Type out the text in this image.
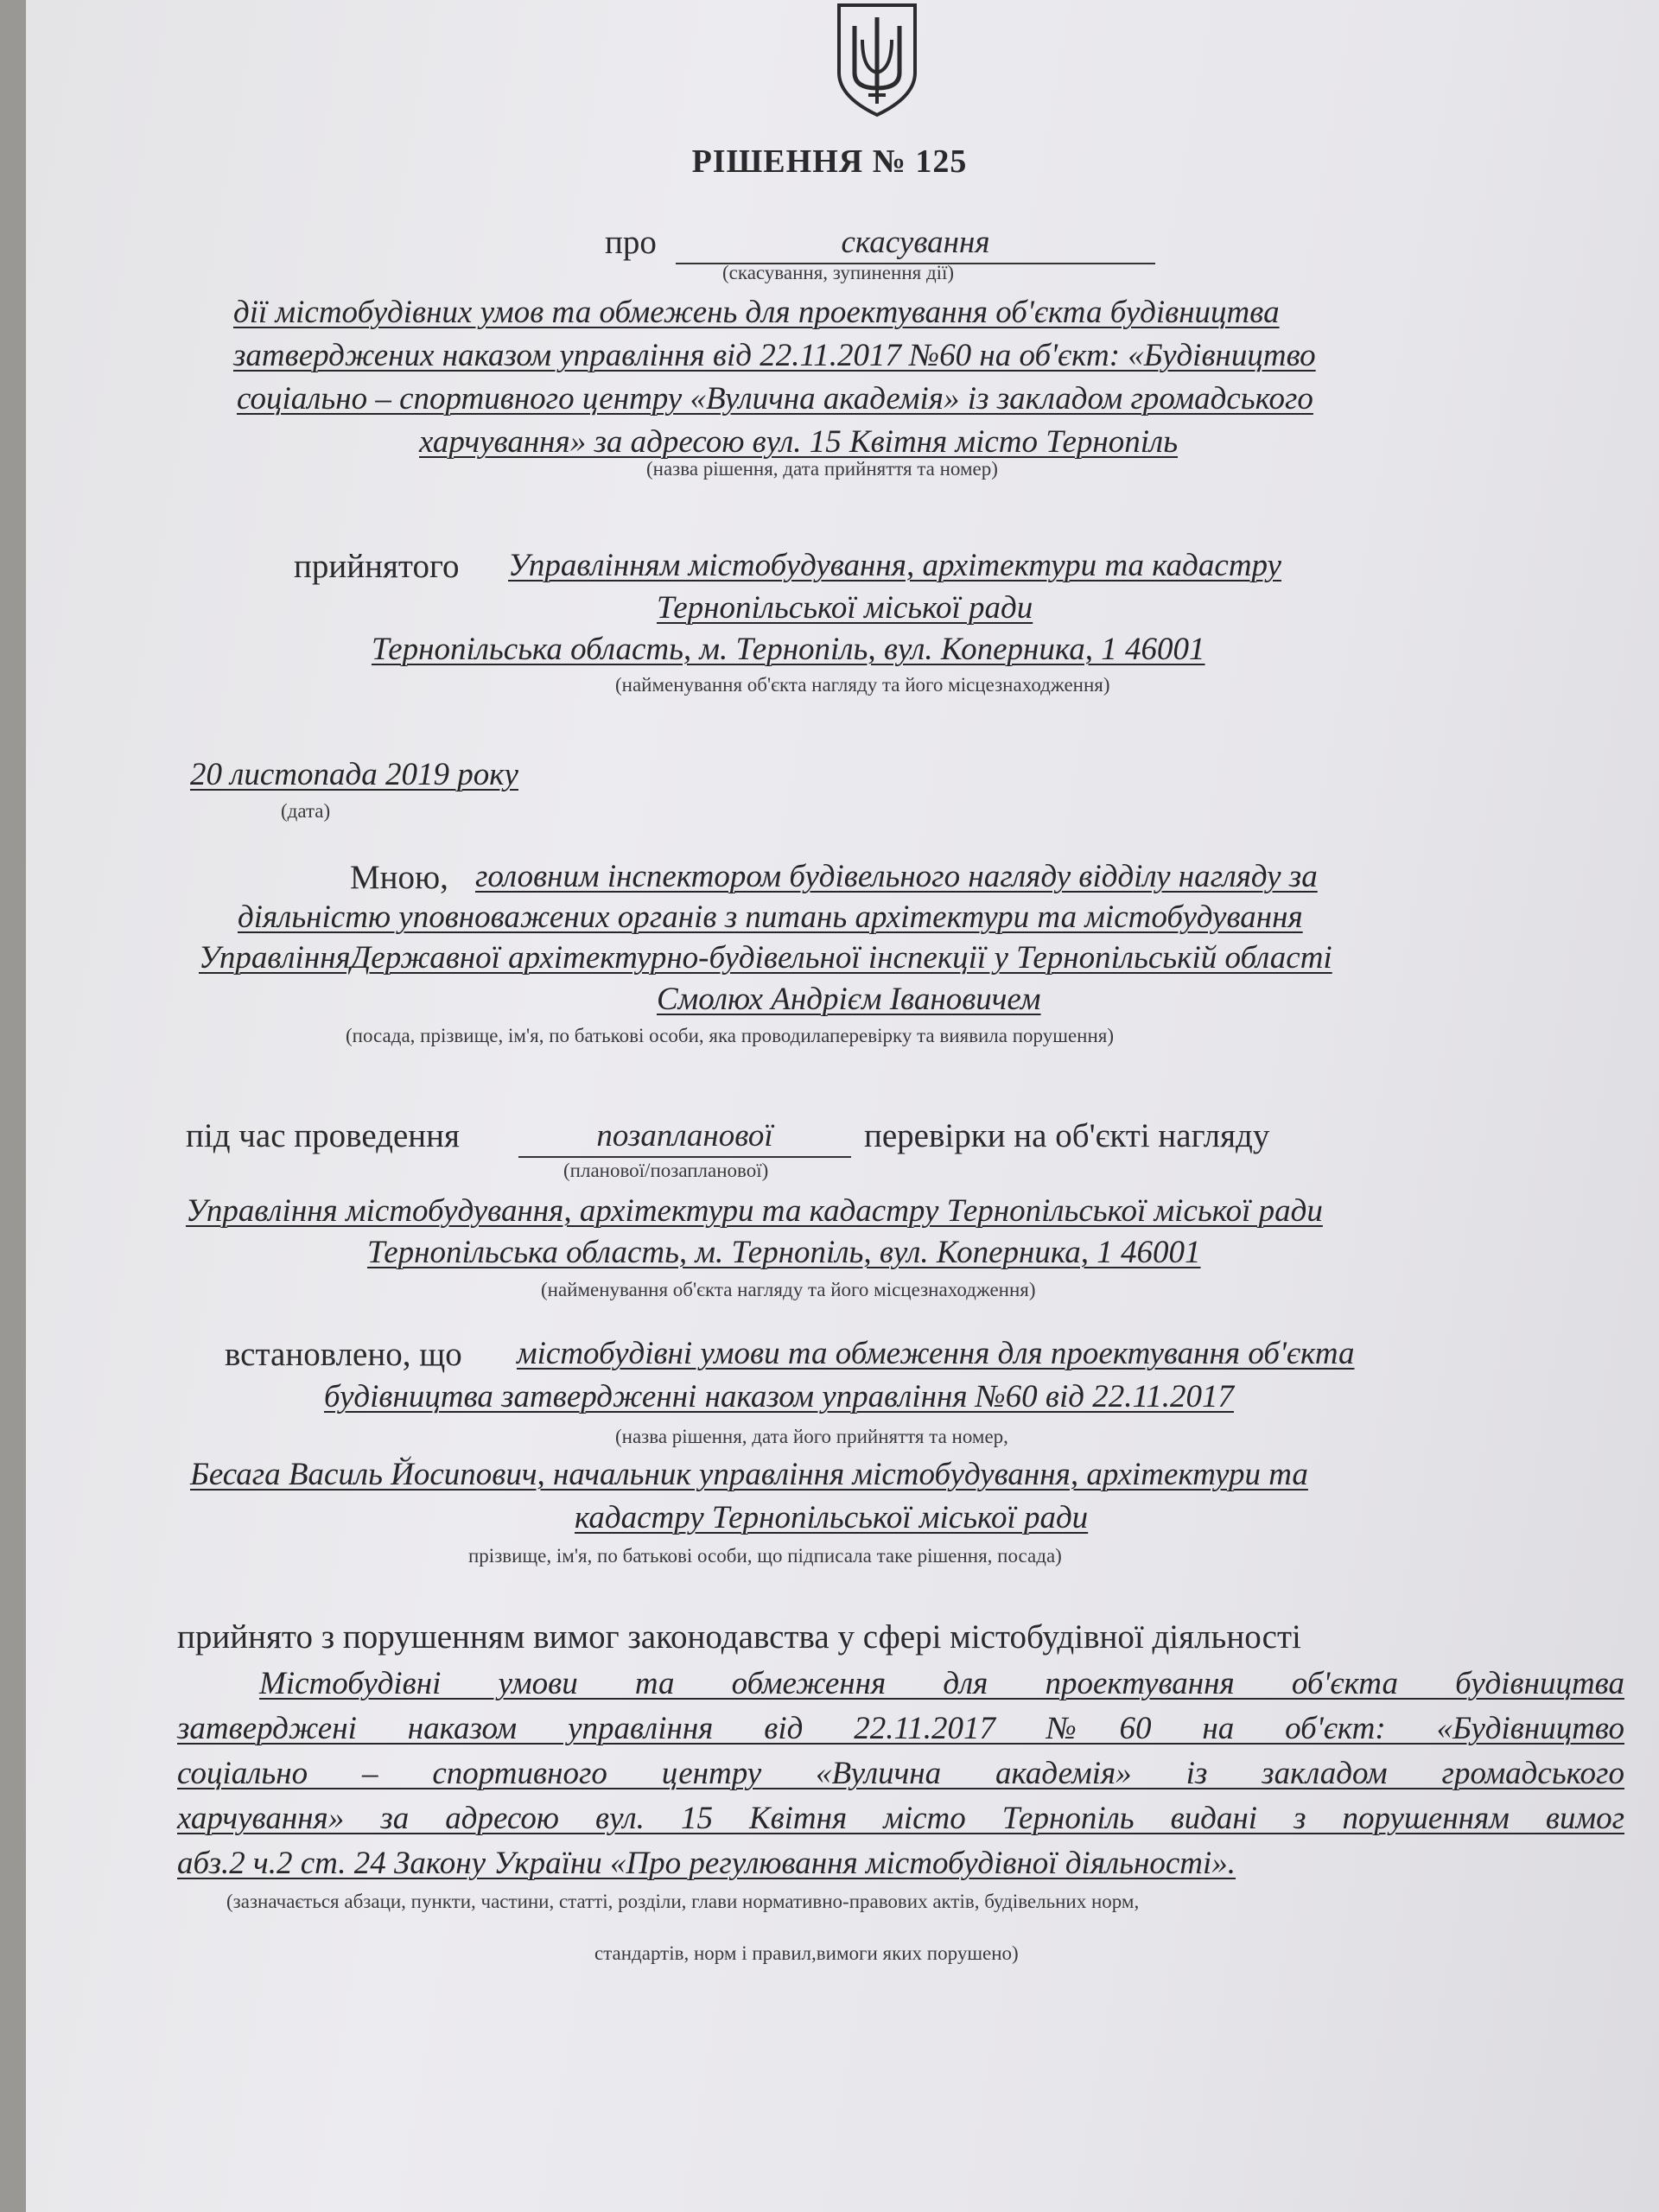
РІШЕННЯ № 125
про	скасування
(скасування, зупинення дії)
дії містобудівних умов та обмежень для проектування об'єкта будівництва
затверджених наказом управління від 22.11.2017 №60 на об'єкт: «Будівництво
соціально – спортивного центру «Вулична академія» із закладом громадського
харчування» за адресою вул. 15 Квітня місто Тернопіль
(назва рішення, дата прийняття та номер)
прийнятого Управлінням містобудування, архітектури та кадастру
Тернопільської міської ради
Тернопільська область, м. Тернопіль, вул. Коперника, 1 46001
(найменування об'єкта нагляду та його місцезнаходження)
20 листопада 2019 року
(дата)
Мною, головним інспектором будівельного нагляду відділу нагляду за
діяльністю уповноважених органів з питань архітектури та містобудування
УправлінняДержавної архітектурно-будівельної інспекції у Тернопільській області
Смолюх Андрієм Івановичем
(посада, прізвище, ім'я, по батькові особи, яка проводилаперевірку та виявила порушення)
під час проведення	позапланової	перевірки на об'єкті нагляду
(планової/позапланової)
Управління містобудування, архітектури та кадастру Тернопільської міської ради
Тернопільська область, м. Тернопіль, вул. Коперника, 1 46001
(найменування об'єкта нагляду та його місцезнаходження)
встановлено, що містобудівні умови та обмеження для проектування об'єкта
будівництва затвердженні наказом управління №60 від 22.11.2017
(назва рішення, дата його прийняття та номер,
Бесага Василь Йосипович, начальник управління містобудування, архітектури та
кадастру Тернопільської міської ради
прізвище, ім'я, по батькові особи, що підписала таке рішення, посада)
прийнято з порушенням вимог законодавства у сфері містобудівної діяльності
Містобудівні умови та обмеження для проектування об'єкта будівництва
затверджені наказом управління від 22.11.2017 №60 на об'єкт: «Будівництво
соціально – спортивного центру «Вулична академія» із закладом громадського
харчування» за адресою вул. 15 Квітня місто Тернопіль видані з порушенням вимог
абз.2 ч.2 ст. 24 Закону України «Про регулювання містобудівної діяльності».
(зазначається абзаци, пункти, частини, статті, розділи, глави нормативно-правових актів, будівельних норм,
стандартів, норм і правил,вимоги яких порушено)
